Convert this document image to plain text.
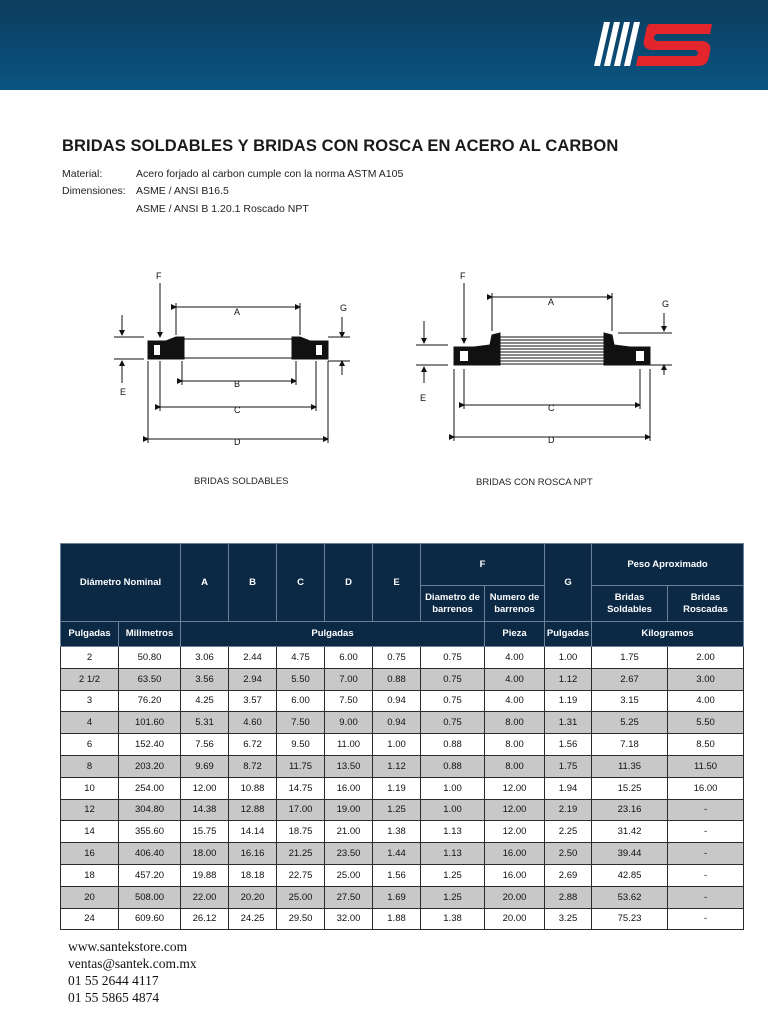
BRIDAS SOLDABLES Y BRIDAS CON ROSCA EN ACERO AL CARBON
Material:	Acero forjado al carbon cumple con la norma ASTM A105
Dimensiones: ASME / ANSI B16.5
ASME / ANSI B 1.20.1 Roscado NPT
F
A	G
E
B
C
D
BRIDAS SOLDABLES
F
A	G
E
C
D
BRIDAS CON ROSCA NPT
Diámetro Nominal		A	B	C	D	E	F		G	Peso Aproximado	
							Diametro de barrenos	Numero de barrenos		Bridas Soldables	Bridas Roscadas
Pulgadas	Milimetros	Pulgadas						Pieza	Pulgadas	Kilogramos	
2	50.80	3.06	2.44	4.75	6.00	0.75	0.75	4.00	1.00	1.75	2.00
2 1/2	63.50	3.56	2.94	5.50	7.00	0.88	0.75	4.00	1.12	2.67	3.00
3	76.20	4.25	3.57	6.00	7.50	0.94	0.75	4.00	1.19	3.15	4.00
4	101.60	5.31	4.60	7.50	9.00	0.94	0.75	8.00	1.31	5.25	5.50
6	152.40	7.56	6.72	9.50	11.00	1.00	0.88	8.00	1.56	7.18	8.50
8	203.20	9.69	8.72	11.75	13.50	1.12	0.88	8.00	1.75	11.35	11.50
10	254.00	12.00	10.88	14.75	16.00	1.19	1.00	12.00	1.94	15.25	16.00
12	304.80	14.38	12.88	17.00	19.00	1.25	1.00	12.00	2.19	23.16	-
14	355.60	15.75	14.14	18.75	21.00	1.38	1.13	12.00	2.25	31.42	-
16	406.40	18.00	16.16	21.25	23.50	1.44	1.13	16.00	2.50	39.44	-
18	457.20	19.88	18.18	22.75	25.00	1.56	1.25	16.00	2.69	42.85	-
20	508.00	22.00	20.20	25.00	27.50	1.69	1.25	20.00	2.88	53.62	-
24	609.60	26.12	24.25	29.50	32.00	1.88	1.38	20.00	3.25	75.23	-
www.santekstore.com
ventas@santek.com.mx
01 55 2644 4117
01 55 5865 4874
